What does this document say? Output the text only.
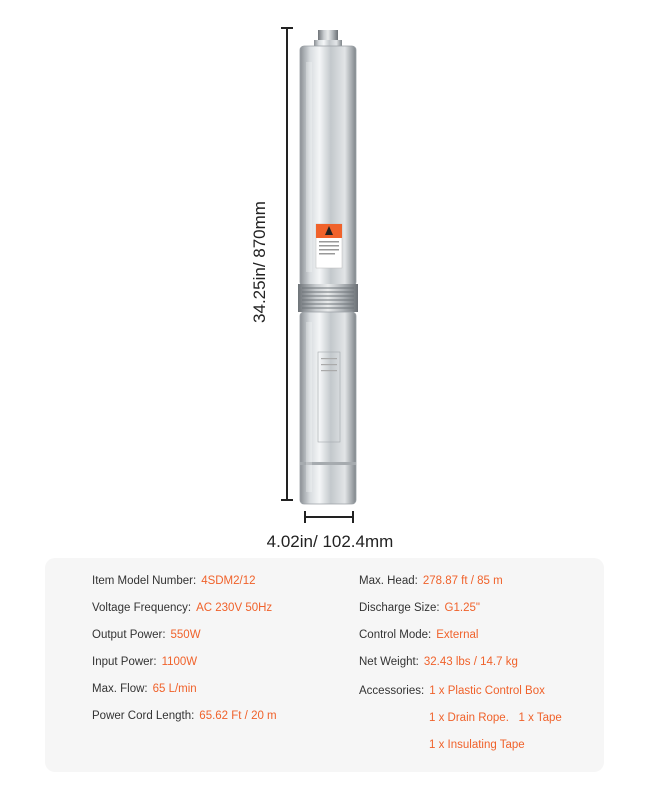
34.25in/ 870mm
4.02in/ 102.4mm
Item Model Number: 4SDM2/12
Voltage Frequency: AC 230V 50Hz
Output Power: 550W
Input Power: 1100W
Max. Flow: 65 L/min
Power Cord Length: 65.62 Ft / 20 m
Max. Head: 278.87 ft / 85 m
Discharge Size: G1.25"
Control Mode: External
Net Weight: 32.43 lbs / 14.7 kg
Accessories: 1 x Plastic Control Box
1 x Drain Rope.   1 x Tape
1 x Insulating Tape
